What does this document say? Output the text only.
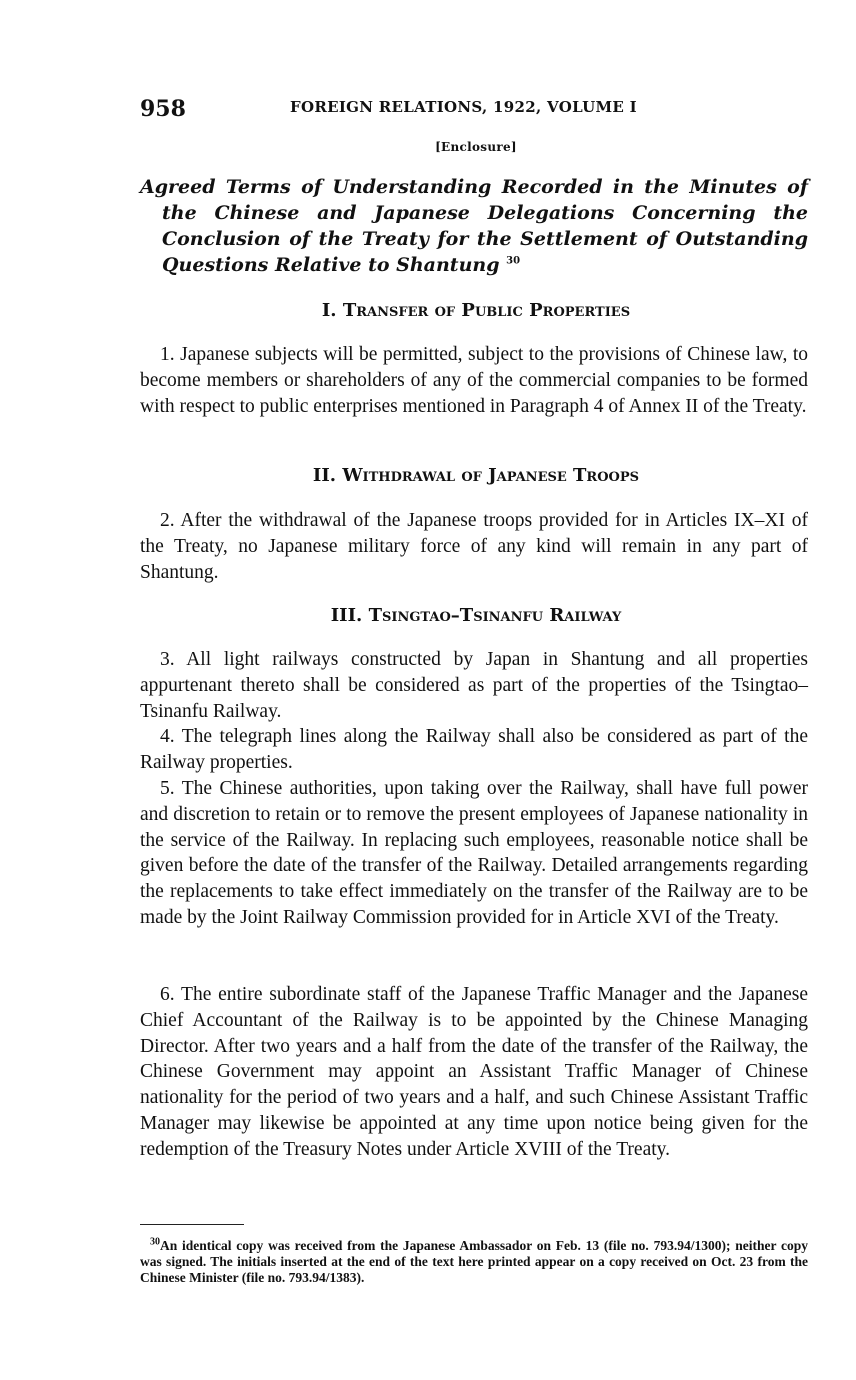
958	FOREIGN RELATIONS, 1922, VOLUME I
[Enclosure]
Agreed Terms of Understanding Recorded in the Minutes of the Chinese and Japanese Delegations Concerning the Conclusion of the Treaty for the Settlement of Outstanding Questions Relative to Shantung $^{30}$
I. Transfer of Public Properties
1. Japanese subjects will be permitted, subject to the provisions of Chinese law, to become members or shareholders of any of the commercial companies to be formed with respect to public enterprises mentioned in Paragraph 4 of Annex II of the Treaty.
II. Withdrawal of Japanese Troops
2. After the withdrawal of the Japanese troops provided for in Articles IX–XI of the Treaty, no Japanese military force of any kind will remain in any part of Shantung.
III. Tsingtao–Tsinanfu Railway
3. All light railways constructed by Japan in Shantung and all properties appurtenant thereto shall be considered as part of the properties of the Tsingtao–Tsinanfu Railway.
4. The telegraph lines along the Railway shall also be considered as part of the Railway properties.
5. The Chinese authorities, upon taking over the Railway, shall have full power and discretion to retain or to remove the present employees of Japanese nationality in the service of the Railway. In replacing such employees, reasonable notice shall be given before the date of the transfer of the Railway. Detailed arrangements regarding the replacements to take effect immediately on the transfer of the Railway are to be made by the Joint Railway Commission provided for in Article XVI of the Treaty.
6. The entire subordinate staff of the Japanese Traffic Manager and the Japanese Chief Accountant of the Railway is to be appointed by the Chinese Managing Director. After two years and a half from the date of the transfer of the Railway, the Chinese Government may appoint an Assistant Traffic Manager of Chinese nationality for the period of two years and a half, and such Chinese Assistant Traffic Manager may likewise be appointed at any time upon notice being given for the redemption of the Treasury Notes under Article XVIII of the Treaty.
$^{30}$An identical copy was received from the Japanese Ambassador on Feb. 13 (file no. 793.94/1300); neither copy was signed. The initials inserted at the end of the text here printed appear on a copy received on Oct. 23 from the Chinese Minister (file no. 793.94/1383).
